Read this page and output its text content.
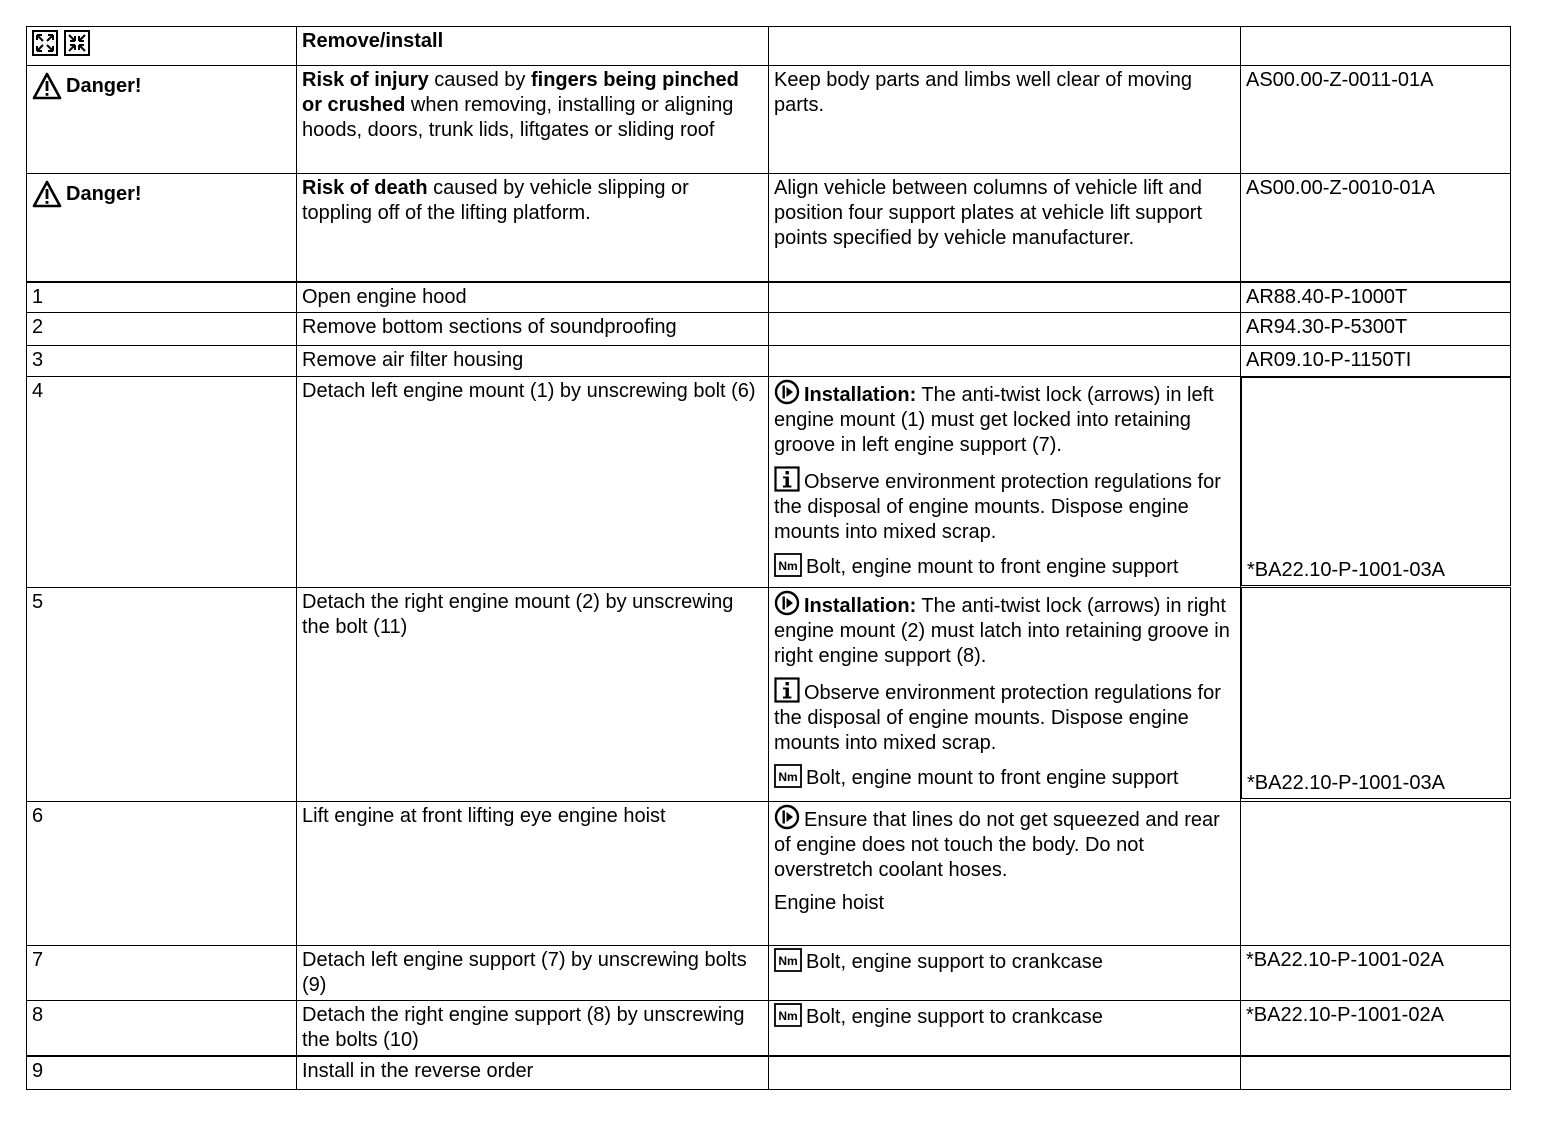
	Remove/install		

Danger!	Risk of injury caused by fingers being pinched or crushed when removing, installing or aligning hoods, doors, trunk lids, liftgates or sliding roof	Keep body parts and limbs well clear of moving parts.	AS00.00-Z-0011-01A

Danger!	Risk of death caused by vehicle slipping or toppling off of the lifting platform.	Align vehicle between columns of vehicle lift and position four support plates at vehicle lift support points specified by vehicle manufacturer.	AS00.00-Z-0010-01A
1	Open engine hood		AR88.40-P-1000T
2	Remove bottom sections of soundproofing		AR94.30-P-5300T
3	Remove air filter housing		AR09.10-P-1150TI
4	Detach left engine mount (1) by unscrewing bolt (6)	Installation: The anti-twist lock (arrows) in left engine mount (1) must get locked into retaining groove in left engine support (7).
Observe environment protection regulations for the disposal of engine mounts. Dispose engine mounts into mixed scrap.
Bolt, engine mount to front engine support
		*BA22.10-P-1001-03A

5	Detach the right engine mount (2) by unscrewing the bolt (11)	Installation: The anti-twist lock (arrows) in right engine mount (2) must latch into retaining groove in right engine support (8).
Observe environment protection regulations for the disposal of engine mounts. Dispose engine mounts into mixed scrap.
Bolt, engine mount to front engine support
		*BA22.10-P-1001-03A

6	Lift engine at front lifting eye engine hoist	Ensure that lines do not get squeezed and rear of engine does not touch the body. Do not overstretch coolant hoses.
Engine hoist	

7	Detach left engine support (7) by unscrewing bolts (9)	Bolt, engine support to crankcase	*BA22.10-P-1001-02A
8	Detach the right engine support (8) by unscrewing the bolts (10)	Bolt, engine support to crankcase	*BA22.10-P-1001-02A
9	Install in the reverse order		
